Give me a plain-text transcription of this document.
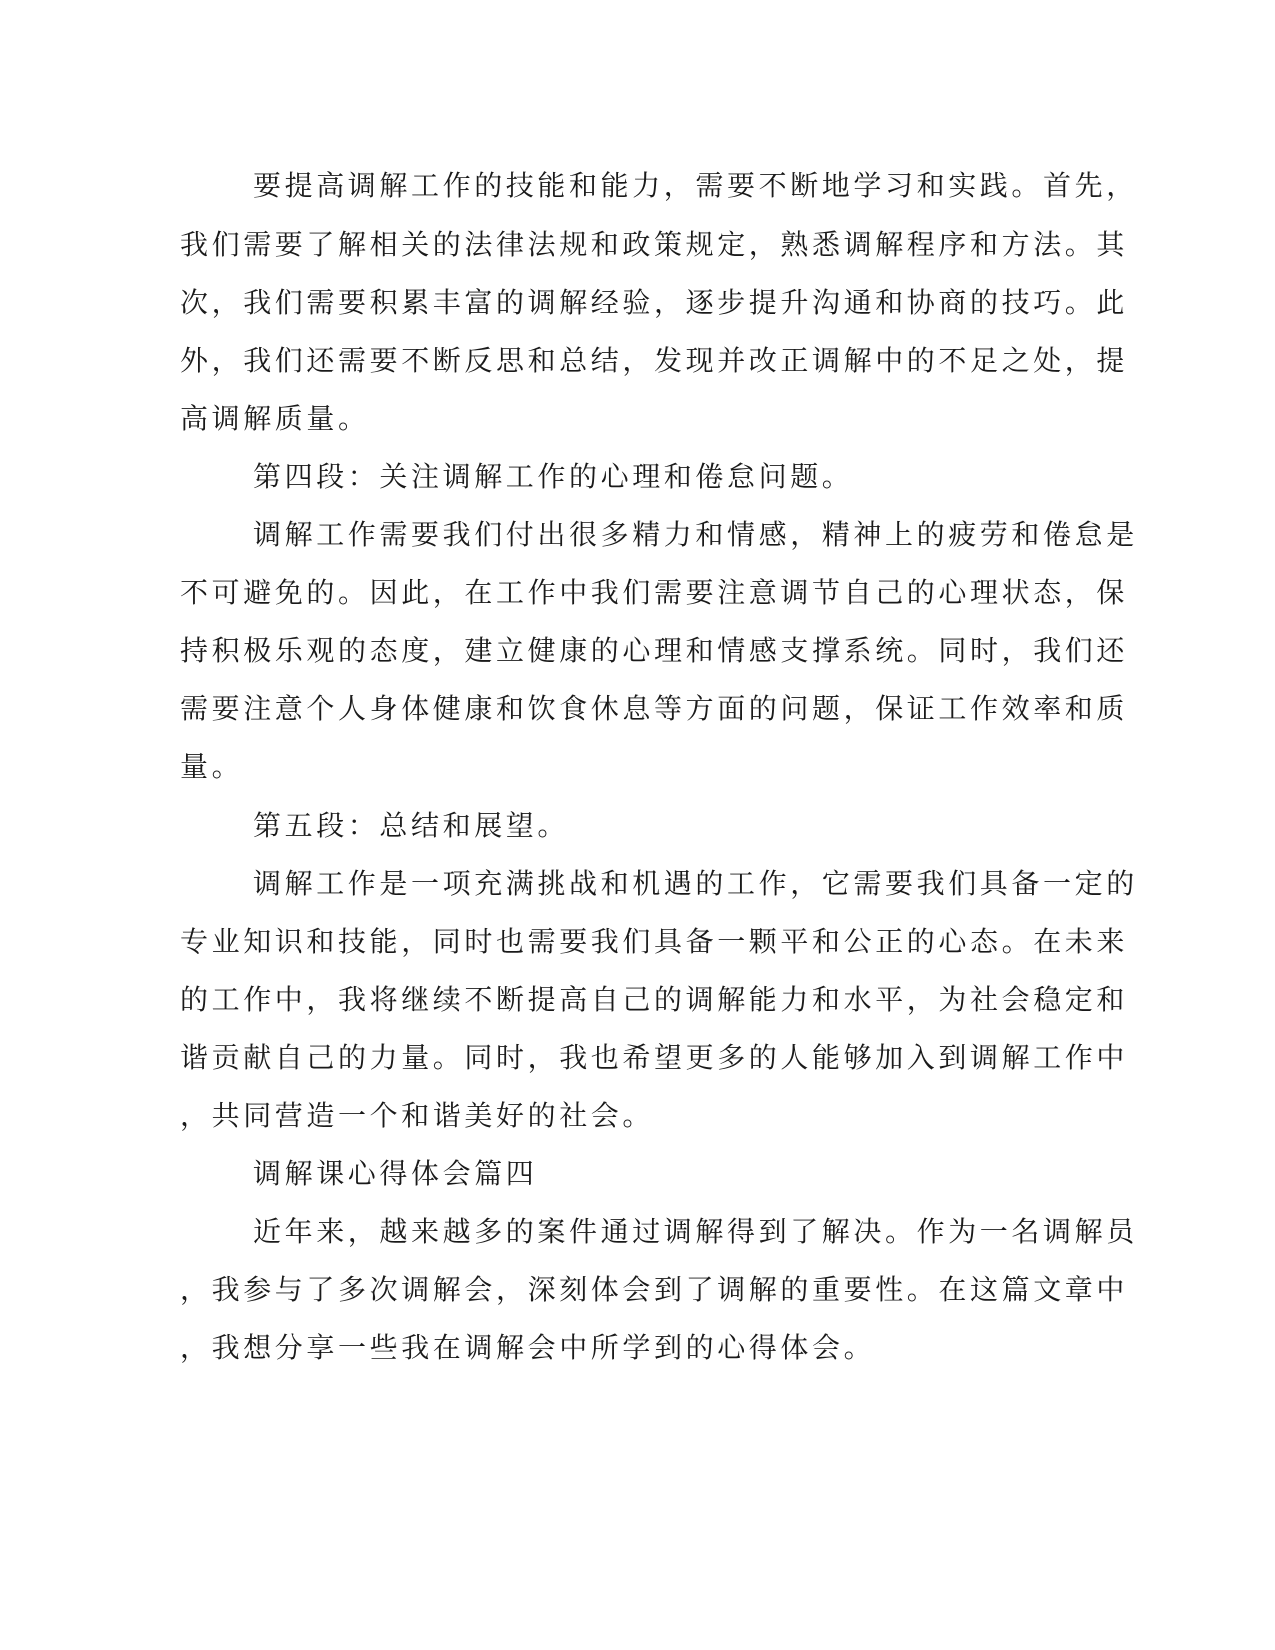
要提高调解工作的技能和能力，需要不断地学习和实践。首先，
我们需要了解相关的法律法规和政策规定，熟悉调解程序和方法。其
次，我们需要积累丰富的调解经验，逐步提升沟通和协商的技巧。此
外，我们还需要不断反思和总结，发现并改正调解中的不足之处，提
高调解质量。
第四段：关注调解工作的心理和倦怠问题。
调解工作需要我们付出很多精力和情感，精神上的疲劳和倦怠是
不可避免的。因此，在工作中我们需要注意调节自己的心理状态，保
持积极乐观的态度，建立健康的心理和情感支撑系统。同时，我们还
需要注意个人身体健康和饮食休息等方面的问题，保证工作效率和质
量。
第五段：总结和展望。
调解工作是一项充满挑战和机遇的工作，它需要我们具备一定的
专业知识和技能，同时也需要我们具备一颗平和公正的心态。在未来
的工作中，我将继续不断提高自己的调解能力和水平，为社会稳定和
谐贡献自己的力量。同时，我也希望更多的人能够加入到调解工作中
，共同营造一个和谐美好的社会。
调解课心得体会篇四
近年来，越来越多的案件通过调解得到了解决。作为一名调解员
，我参与了多次调解会，深刻体会到了调解的重要性。在这篇文章中
，我想分享一些我在调解会中所学到的心得体会。
